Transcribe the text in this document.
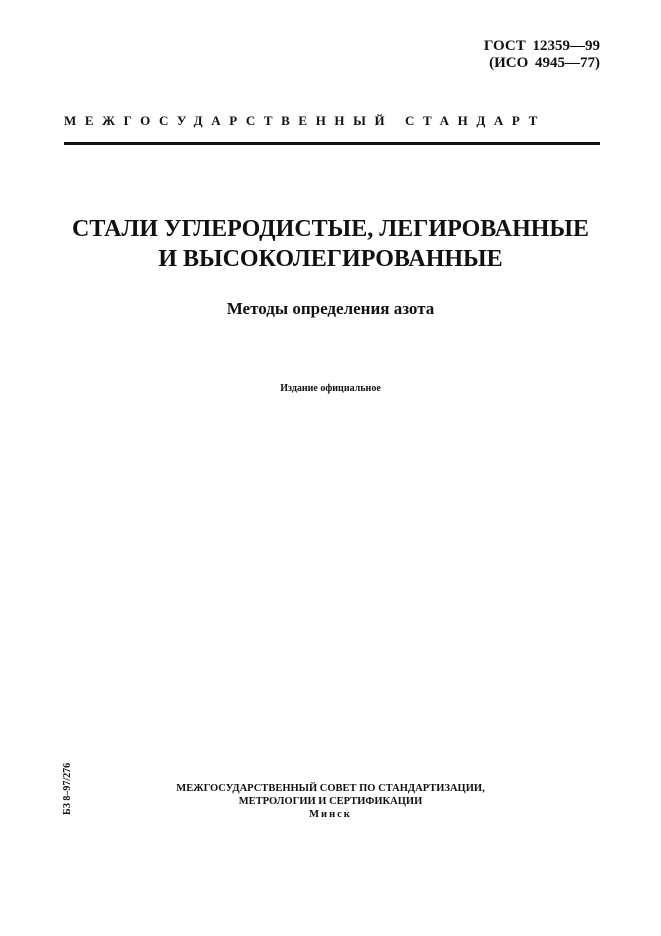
ГОСТ 12359—99
(ИСО 4945—77)
МЕЖГОСУДАРСТВЕННЫЙ СТАНДАРТ
СТАЛИ УГЛЕРОДИСТЫЕ, ЛЕГИРОВАННЫЕ
И ВЫСОКОЛЕГИРОВАННЫЕ
Методы определения азота
Издание официальное
БЗ 8–97/276	МЕЖГОСУДАРСТВЕННЫЙ СОВЕТ ПО СТАНДАРТИЗАЦИИ,
МЕТРОЛОГИИ И СЕРТИФИКАЦИИ
Минск
